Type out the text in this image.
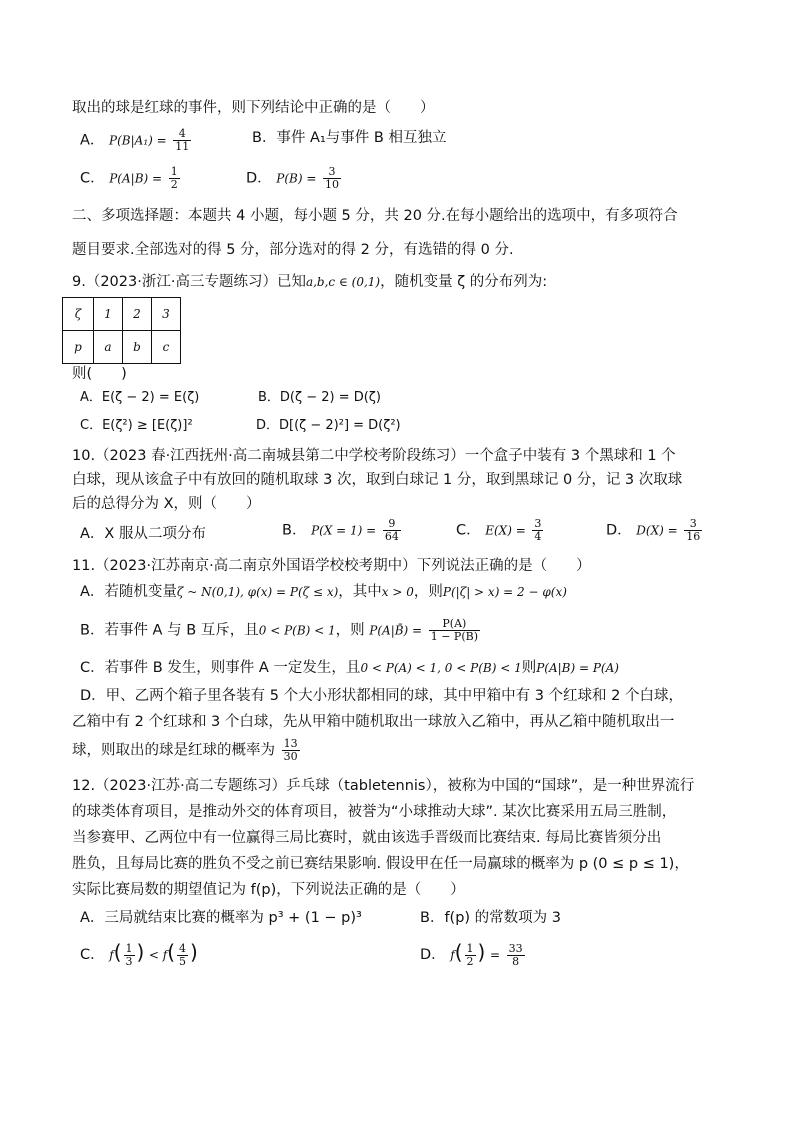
取出的球是红球的事件，则下列结论中正确的是（　　）
A． $P(B|A_1) = \frac{4}{11}$	B．事件 A₁与事件 B 相互独立
C． $P(A|B) = \frac{1}{2}$	D． $P(B) = \frac{3}{10}$
二、多项选择题：本题共 4 小题，每小题 5 分，共 20 分.在每小题给出的选项中，有多项符合
题目要求.全部选对的得 5 分，部分选对的得 2 分，有选错的得 0 分.
9.（2023·浙江·高三专题练习）已知a,b,c ∈ (0,1)，随机变量 ζ 的分布列为:
ζ	1	2	3
p	a	b	c
则(　　)
A．E(ζ − 2) = E(ζ)	B．D(ζ − 2) = D(ζ)
C．E(ζ²) ≥ [E(ζ)]²	D．D[(ζ − 2)²] = D(ζ²)
10.（2023 春·江西抚州·高二南城县第二中学校考阶段练习）一个盒子中装有 3 个黑球和 1 个
白球，现从该盒子中有放回的随机取球 3 次，取到白球记 1 分，取到黑球记 0 分，记 3 次取球
后的总得分为 X，则（　　）
A．X 服从二项分布	B． $P(X = 1) = \frac{9}{64}$	C． $E(X) = \frac{3}{4}$	D． $D(X) = \frac{3}{16}$
11.（2023·江苏南京·高二南京外国语学校校考期中）下列说法正确的是（　　）
A．若随机变量ζ ~ N(0,1), φ(x) = P(ζ ≤ x)，其中x > 0，则P(|ζ| > x) = 2 − φ(x)
B．若事件 A 与 B 互斥，且0 < P(B) < 1，则 P(A|B̄) = $\frac{P(A)}{1 - P(B)}$
C．若事件 B 发生，则事件 A 一定发生，且0 < P(A) < 1, 0 < P(B) < 1则P(A|B) = P(A)
D．甲、乙两个箱子里各装有 5 个大小形状都相同的球，其中甲箱中有 3 个红球和 2 个白球，
乙箱中有 2 个红球和 3 个白球，先从甲箱中随机取出一球放入乙箱中，再从乙箱中随机取出一
球，则取出的球是红球的概率为 $\frac{13}{30}$
12.（2023·江苏·高二专题练习）乒乓球（tabletennis），被称为中国的“国球”，是一种世界流行
的球类体育项目，是推动外交的体育项目，被誉为“小球推动大球”. 某次比赛采用五局三胜制，
当参赛甲、乙两位中有一位赢得三局比赛时，就由该选手晋级而比赛结束. 每局比赛皆须分出
胜负，且每局比赛的胜负不受之前已赛结果影响. 假设甲在任一局赢球的概率为 p (0 ≤ p ≤ 1)，
实际比赛局数的期望值记为 f(p)，下列说法正确的是（　　）
A．三局就结束比赛的概率为 p³ + (1 − p)³	B．f(p) 的常数项为 3
C． $f( \frac{1}{3}$ ) < $f( \frac{4}{5}$ )	D． $f( \frac{1}{2}$ ) = $\frac{33}{8}$
